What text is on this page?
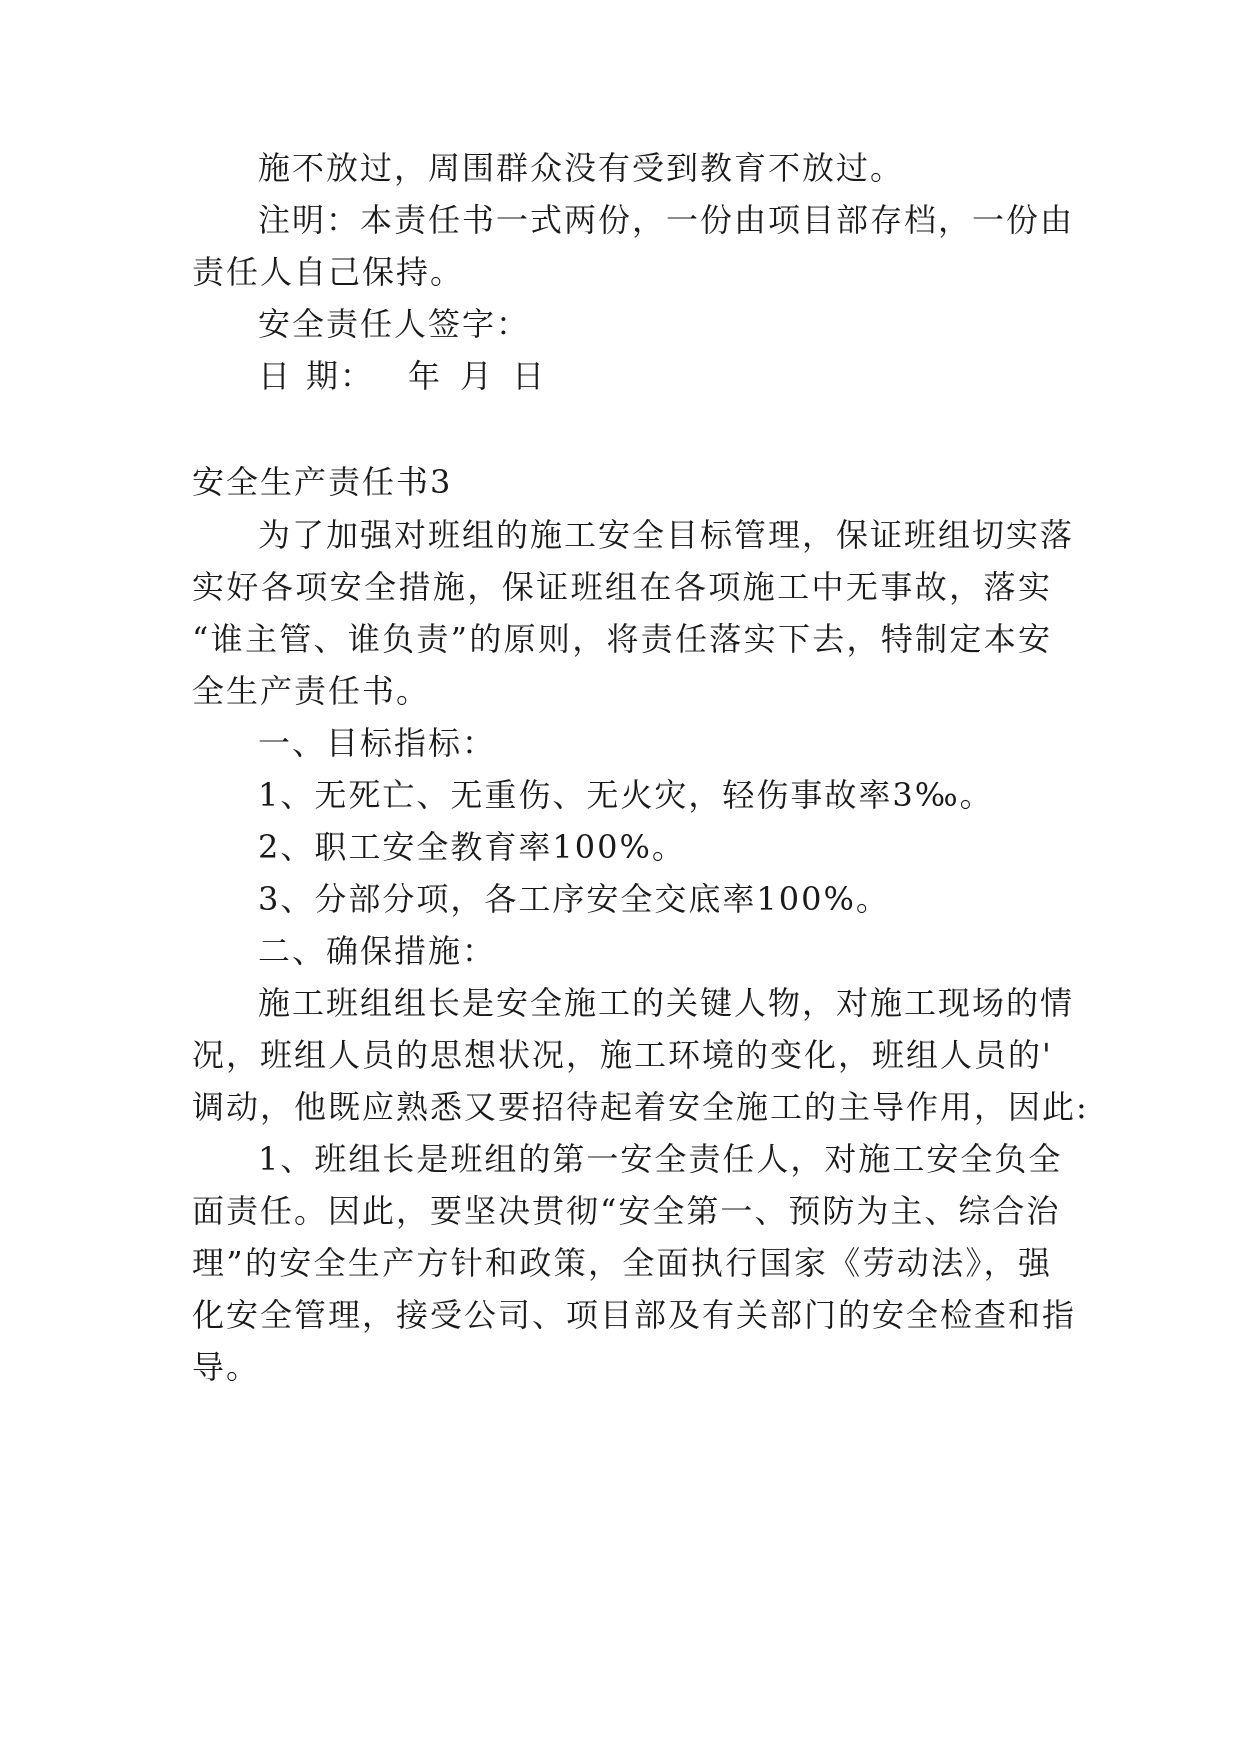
施不放过，周围群众没有受到教育不放过。
注明：本责任书一式两份，一份由项目部存档，一份由
责任人自己保持。
安全责任人签字：
日 期： 年 月 日
安全生产责任书3
为了加强对班组的施工安全目标管理，保证班组切实落
实好各项安全措施，保证班组在各项施工中无事故，落实
“谁主管、谁负责”的原则，将责任落实下去，特制定本安
全生产责任书。
一、目标指标：
1、无死亡、无重伤、无火灾，轻伤事故率3‰。
2、职工安全教育率100%。
3、分部分项，各工序安全交底率100%。
二、确保措施：
施工班组组长是安全施工的关键人物，对施工现场的情
况，班组人员的思想状况，施工环境的变化，班组人员的'
调动，他既应熟悉又要招待起着安全施工的主导作用，因此:
1、班组长是班组的第一安全责任人，对施工安全负全
面责任。因此，要坚决贯彻“安全第一、预防为主、综合治
理”的安全生产方针和政策，全面执行国家《劳动法》，强
化安全管理，接受公司、项目部及有关部门的安全检查和指
导。
